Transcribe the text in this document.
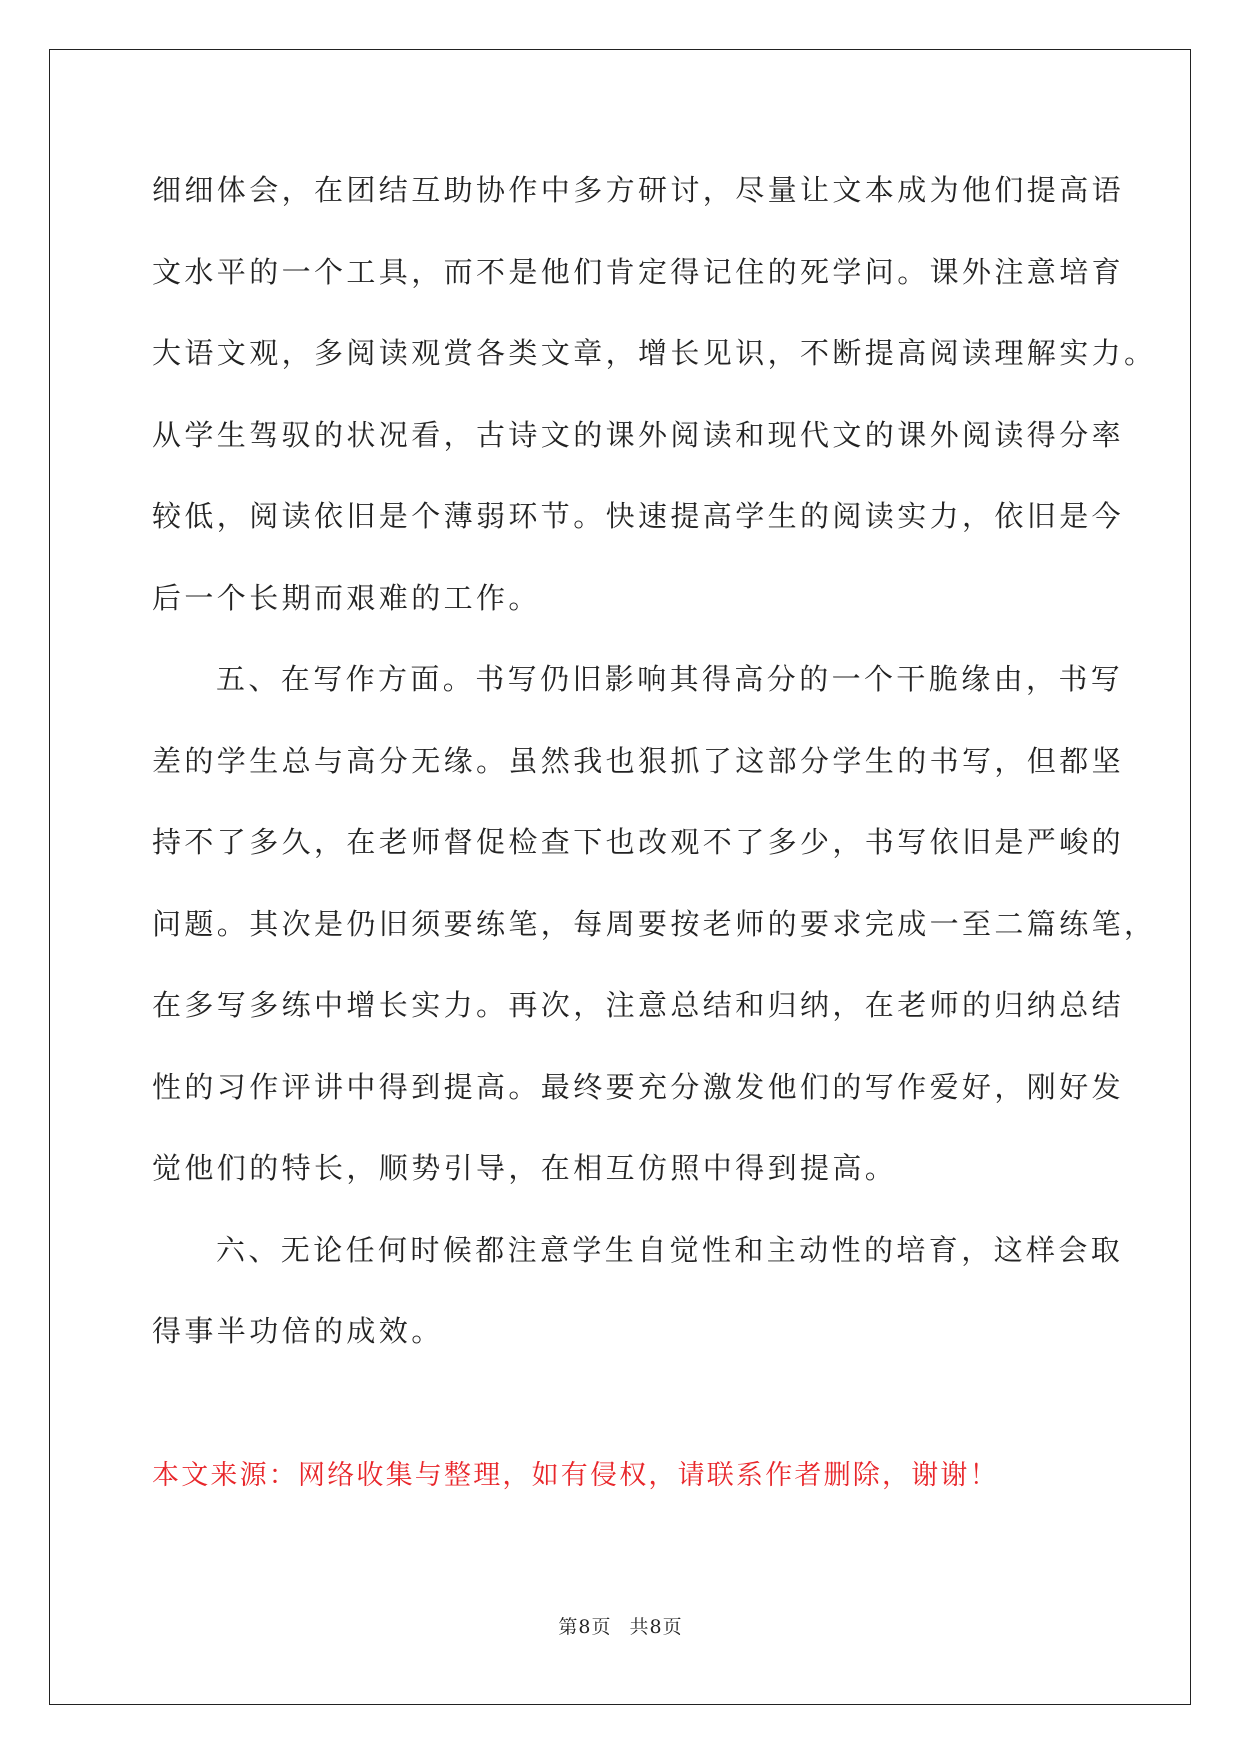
细细体会，在团结互助协作中多方研讨，尽量让文本成为他们提高语
文水平的一个工具，而不是他们肯定得记住的死学问。课外注意培育
大语文观，多阅读观赏各类文章，增长见识，不断提高阅读理解实力。
从学生驾驭的状况看，古诗文的课外阅读和现代文的课外阅读得分率
较低，阅读依旧是个薄弱环节。快速提高学生的阅读实力，依旧是今
后一个长期而艰难的工作。

五、在写作方面。书写仍旧影响其得高分的一个干脆缘由，书写
差的学生总与高分无缘。虽然我也狠抓了这部分学生的书写，但都坚
持不了多久，在老师督促检查下也改观不了多少，书写依旧是严峻的
问题。其次是仍旧须要练笔，每周要按老师的要求完成一至二篇练笔，
在多写多练中增长实力。再次，注意总结和归纳，在老师的归纳总结
性的习作评讲中得到提高。最终要充分激发他们的写作爱好，刚好发
觉他们的特长，顺势引导，在相互仿照中得到提高。

六、无论任何时候都注意学生自觉性和主动性的培育，这样会取
得事半功倍的成效。

本文来源：网络收集与整理，如有侵权，请联系作者删除，谢谢！

第8页 共8页
